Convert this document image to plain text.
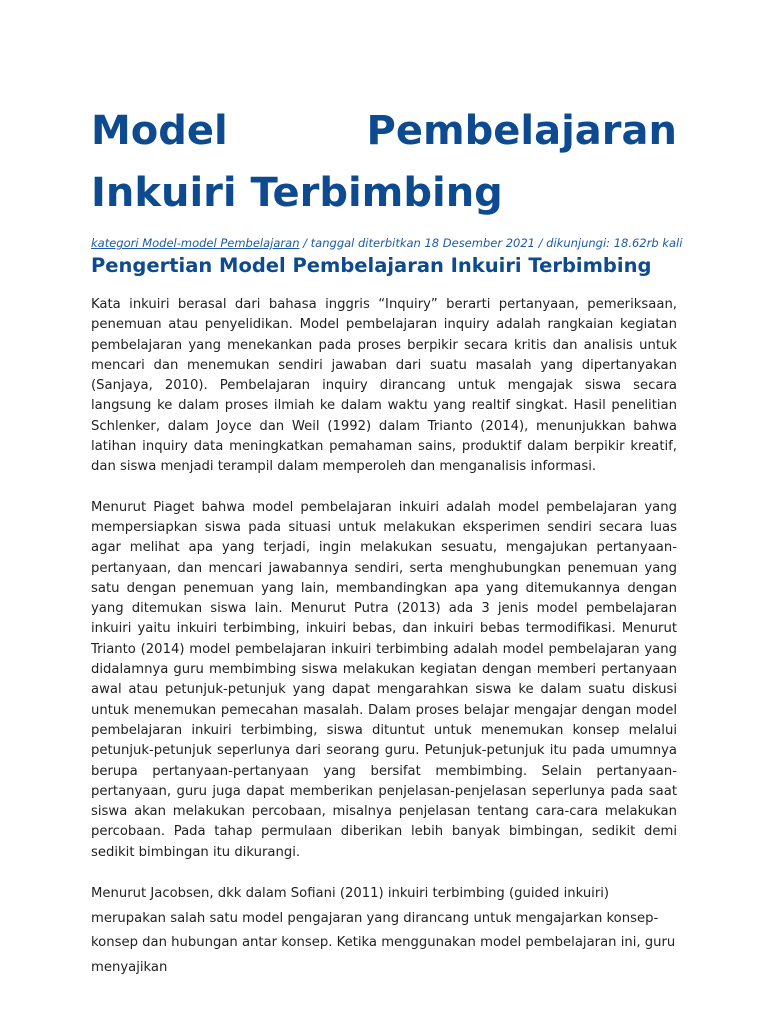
Model	Pembelajaran
Inkuiri Terbimbing
kategori Model-model Pembelajaran / tanggal diterbitkan 18 Desember 2021 / dikunjungi: 18.62rb kali
Pengertian Model Pembelajaran Inkuiri Terbimbing

Kata inkuiri berasal dari bahasa inggris “Inquiry” berarti pertanyaan, pemeriksaan, penemuan atau penyelidikan. Model pembelajaran inquiry adalah rangkaian kegiatan pembelajaran yang menekankan pada proses berpikir secara kritis dan analisis untuk mencari dan menemukan sendiri jawaban dari suatu masalah yang dipertanyakan (Sanjaya, 2010). Pembelajaran inquiry dirancang untuk mengajak siswa secara langsung ke dalam proses ilmiah ke dalam waktu yang realtif singkat. Hasil penelitian Schlenker, dalam Joyce dan Weil (1992) dalam Trianto (2014), menunjukkan bahwa latihan inquiry data meningkatkan pemahaman sains, produktif dalam berpikir kreatif, dan siswa menjadi terampil dalam memperoleh dan menganalisis informasi.

Menurut Piaget bahwa model pembelajaran inkuiri adalah model pembelajaran yang mempersiapkan siswa pada situasi untuk melakukan eksperimen sendiri secara luas agar melihat apa yang terjadi, ingin melakukan sesuatu, mengajukan pertanyaan-pertanyaan, dan mencari jawabannya sendiri, serta menghubungkan penemuan yang satu dengan penemuan yang lain, membandingkan apa yang ditemukannya dengan yang ditemukan siswa lain. Menurut Putra (2013) ada 3 jenis model pembelajaran inkuiri yaitu inkuiri terbimbing, inkuiri bebas, dan inkuiri bebas termodifikasi. Menurut Trianto (2014) model pembelajaran inkuiri terbimbing adalah model pembelajaran yang didalamnya guru membimbing siswa melakukan kegiatan dengan memberi pertanyaan awal atau petunjuk-petunjuk yang dapat mengarahkan siswa ke dalam suatu diskusi untuk menemukan pemecahan masalah. Dalam proses belajar mengajar dengan model pembelajaran inkuiri terbimbing, siswa dituntut untuk menemukan konsep melalui petunjuk-petunjuk seperlunya dari seorang guru. Petunjuk-petunjuk itu pada umumnya berupa pertanyaan-pertanyaan yang bersifat membimbing. Selain pertanyaan-pertanyaan, guru juga dapat memberikan penjelasan-penjelasan seperlunya pada saat siswa akan melakukan percobaan, misalnya penjelasan tentang cara-cara melakukan percobaan. Pada tahap permulaan diberikan lebih banyak bimbingan, sedikit demi sedikit bimbingan itu dikurangi.

Menurut Jacobsen, dkk dalam Sofiani (2011) inkuiri terbimbing (guided inkuiri) merupakan salah satu model pengajaran yang dirancang untuk mengajarkan konsep-konsep dan hubungan antar konsep. Ketika menggunakan model pembelajaran ini, guru menyajikan
